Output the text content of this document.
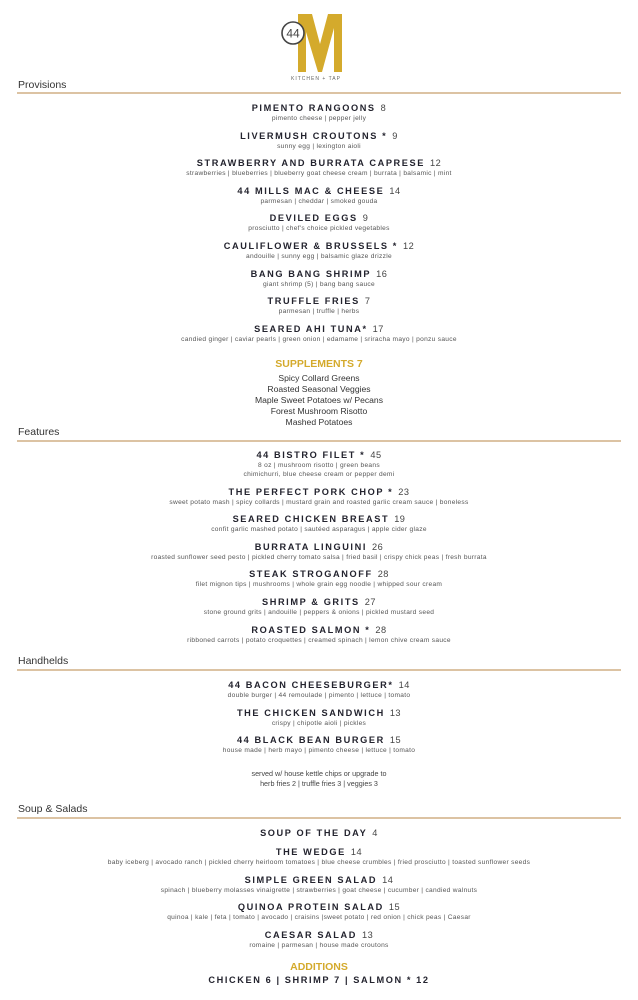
44
KITCHEN + TAP
Provisions
PIMENTO RANGOONS 8
pimento cheese | pepper jelly
LIVERMUSH CROUTONS * 9
sunny egg | lexington aioli
STRAWBERRY AND BURRATA CAPRESE 12
strawberries | blueberries | blueberry goat cheese cream | burrata | balsamic | mint
44 MILLS MAC & CHEESE 14
parmesan | cheddar | smoked gouda
DEVILED EGGS 9
prosciutto | chef's choice pickled vegetables
CAULIFLOWER & BRUSSELS * 12
andouille | sunny egg | balsamic glaze drizzle
BANG BANG SHRIMP 16
giant shrimp (5) | bang bang sauce
TRUFFLE FRIES 7
parmesan | truffle | herbs
SEARED AHI TUNA* 17
candied ginger | caviar pearls | green onion | edamame | sriracha mayo | ponzu sauce
SUPPLEMENTS 7
Spicy Collard Greens
Roasted Seasonal Veggies
Maple Sweet Potatoes w/ Pecans
Forest Mushroom Risotto
Mashed Potatoes
Features
44 BISTRO FILET * 45
8 oz | mushroom risotto | green beans
chimichurri, blue cheese cream or pepper demi
THE PERFECT PORK CHOP * 23
sweet potato mash | spicy collards | mustard grain and roasted garlic cream sauce | boneless
SEARED CHICKEN BREAST 19
confit garlic mashed potato | sautéed asparagus | apple cider glaze
BURRATA LINGUINI 26
roasted sunflower seed pesto | pickled cherry tomato salsa | fried basil | crispy chick peas | fresh burrata
STEAK STROGANOFF 28
filet mignon tips | mushrooms | whole grain egg noodle | whipped sour cream
SHRIMP & GRITS 27
stone ground grits | andouille | peppers & onions | pickled mustard seed
ROASTED SALMON * 28
ribboned carrots | potato croquettes | creamed spinach | lemon chive cream sauce
Handhelds
44 BACON CHEESEBURGER* 14
double burger | 44 remoulade | pimento | lettuce | tomato
THE CHICKEN SANDWICH 13
crispy | chipotle aioli | pickles
44 BLACK BEAN BURGER 15
house made | herb mayo | pimento cheese | lettuce | tomato
served w/ house kettle chips or upgrade to
herb fries 2 | truffle fries 3 | veggies 3
Soup & Salads
SOUP OF THE DAY 4
THE WEDGE 14
baby iceberg | avocado ranch | pickled cherry heirloom tomatoes | blue cheese crumbles | fried prosciutto | toasted sunflower seeds
SIMPLE GREEN SALAD 14
spinach | blueberry molasses vinaigrette | strawberries | goat cheese | cucumber | candied walnuts
QUINOA PROTEIN SALAD 15
quinoa | kale | feta | tomato | avocado | craisins |sweet potato | red onion | chick peas | Caesar
CAESAR SALAD 13
romaine | parmesan | house made croutons
ADDITIONS
CHICKEN 6 | SHRIMP 7 | SALMON * 12
